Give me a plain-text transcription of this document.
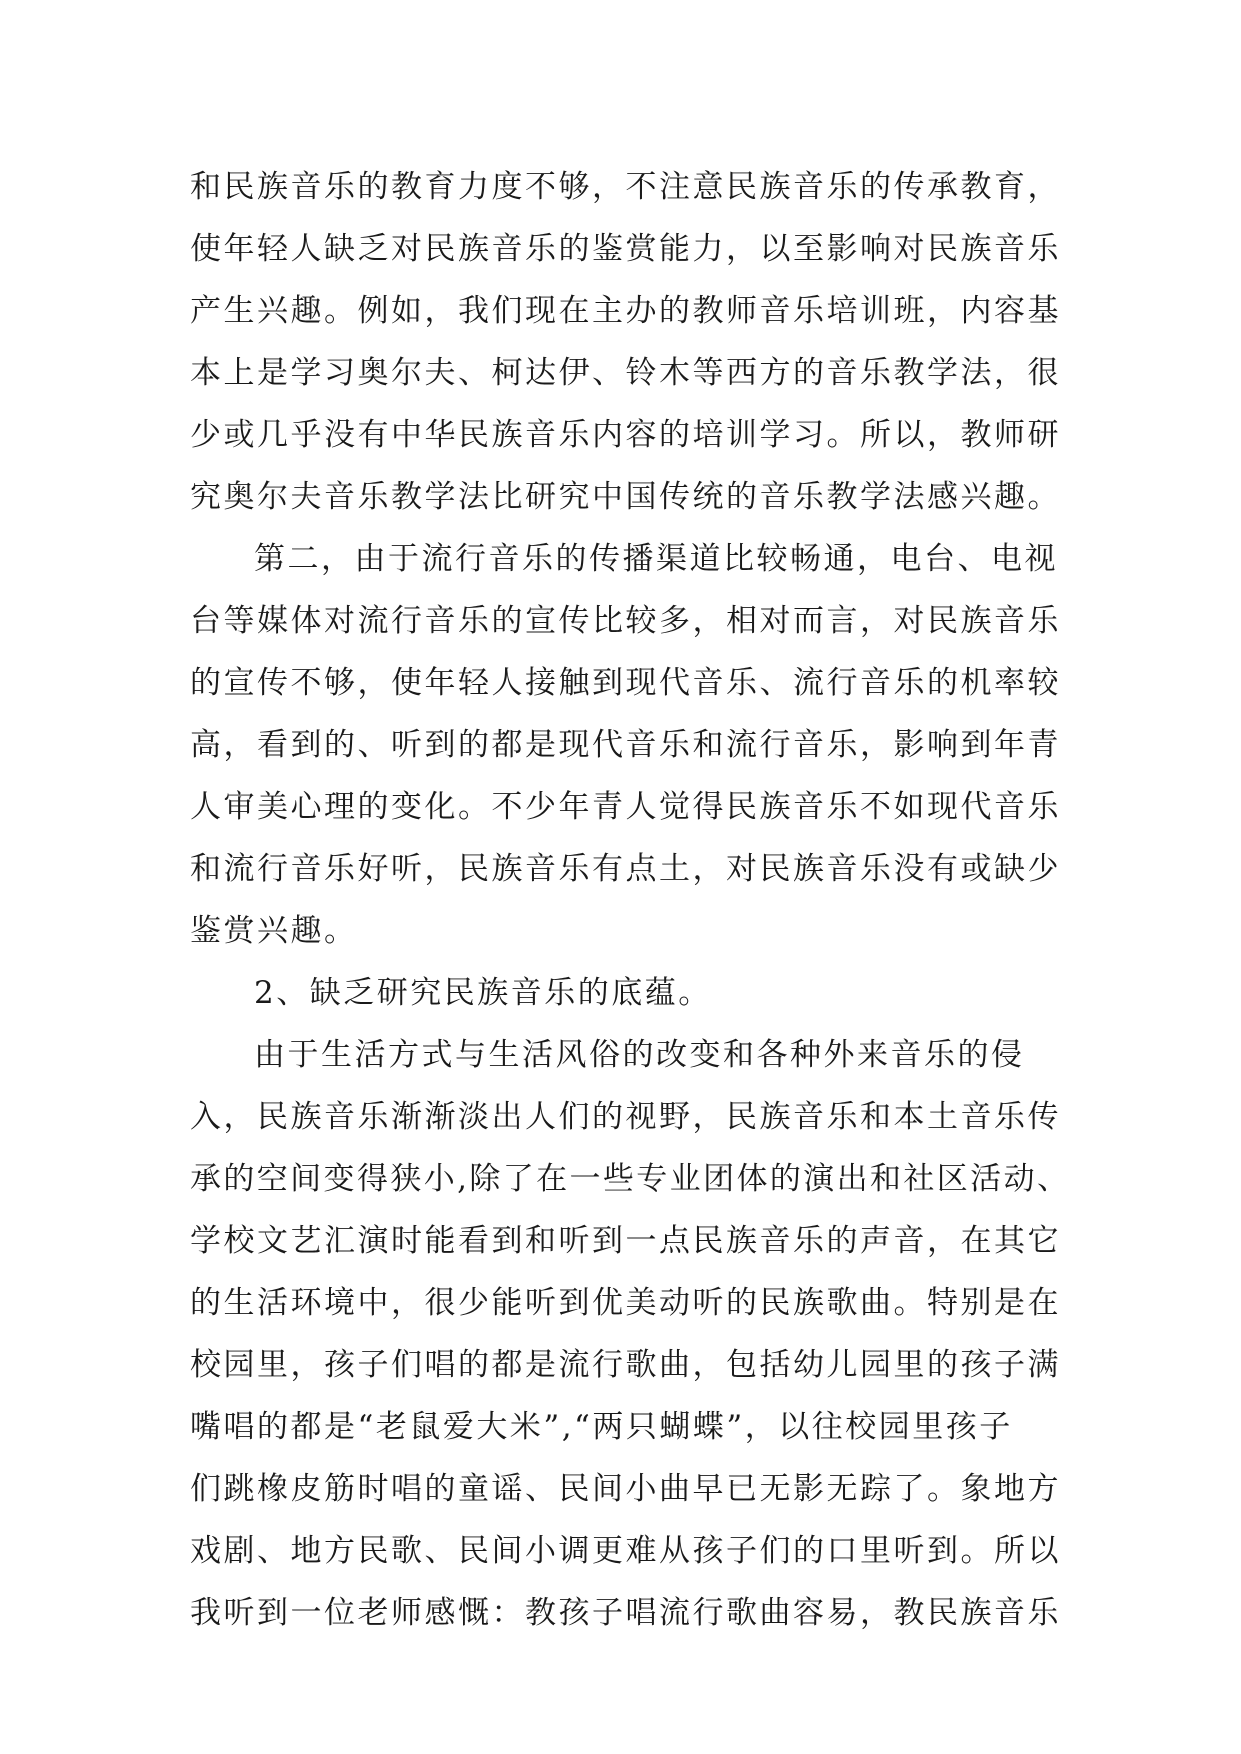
和民族音乐的教育力度不够，不注意民族音乐的传承教育，
使年轻人缺乏对民族音乐的鉴赏能力，以至影响对民族音乐
产生兴趣。例如，我们现在主办的教师音乐培训班，内容基
本上是学习奥尔夫、柯达伊、铃木等西方的音乐教学法，很
少或几乎没有中华民族音乐内容的培训学习。所以，教师研
究奥尔夫音乐教学法比研究中国传统的音乐教学法感兴趣。
第二，由于流行音乐的传播渠道比较畅通，电台、电视
台等媒体对流行音乐的宣传比较多，相对而言，对民族音乐
的宣传不够，使年轻人接触到现代音乐、流行音乐的机率较
高，看到的、听到的都是现代音乐和流行音乐，影响到年青
人审美心理的变化。不少年青人觉得民族音乐不如现代音乐
和流行音乐好听，民族音乐有点土，对民族音乐没有或缺少
鉴赏兴趣。
2、缺乏研究民族音乐的底蕴。
由于生活方式与生活风俗的改变和各种外来音乐的侵
入，民族音乐渐渐淡出人们的视野，民族音乐和本土音乐传
承的空间变得狭小,除了在一些专业团体的演出和社区活动、
学校文艺汇演时能看到和听到一点民族音乐的声音，在其它
的生活环境中，很少能听到优美动听的民族歌曲。特别是在
校园里，孩子们唱的都是流行歌曲，包括幼儿园里的孩子满
嘴唱的都是“老鼠爱大米”,“两只蝴蝶”，以往校园里孩子
们跳橡皮筋时唱的童谣、民间小曲早已无影无踪了。象地方
戏剧、地方民歌、民间小调更难从孩子们的口里听到。所以
我听到一位老师感慨：教孩子唱流行歌曲容易，教民族音乐
